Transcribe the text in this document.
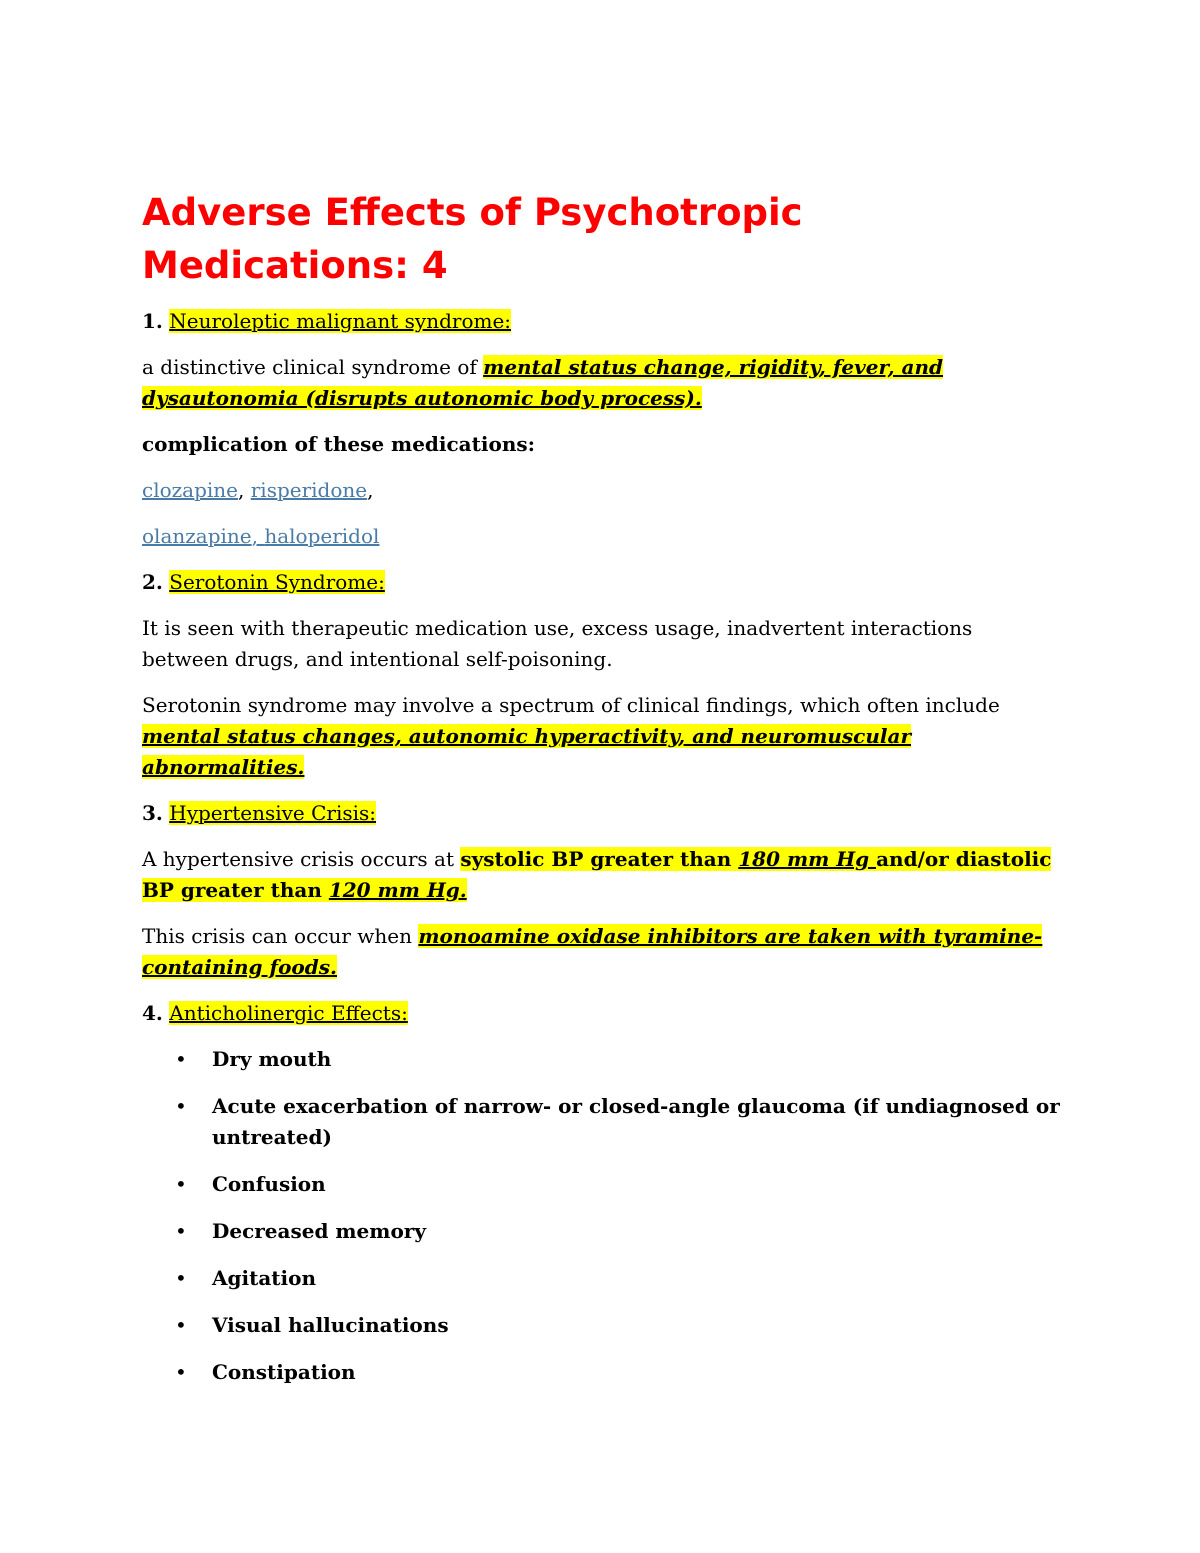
Adverse Effects of Psychotropic Medications: 4

1. Neuroleptic malignant syndrome:

a distinctive clinical syndrome of mental status change, rigidity, fever, and dysautonomia (disrupts autonomic body process).

complication of these medications:

clozapine, risperidone,

olanzapine, haloperidol

2. Serotonin Syndrome:

It is seen with therapeutic medication use, excess usage, inadvertent interactions between drugs, and intentional self-poisoning.

Serotonin syndrome may involve a spectrum of clinical findings, which often include mental status changes, autonomic hyperactivity, and neuromuscular abnormalities.

3. Hypertensive Crisis:

A hypertensive crisis occurs at systolic BP greater than 180 mm Hg and/or diastolic BP greater than 120 mm Hg.

This crisis can occur when monoamine oxidase inhibitors are taken with tyramine-containing foods.

4. Anticholinergic Effects:

• Dry mouth
• Acute exacerbation of narrow- or closed-angle glaucoma (if undiagnosed or untreated)
• Confusion
• Decreased memory
• Agitation
• Visual hallucinations
• Constipation
